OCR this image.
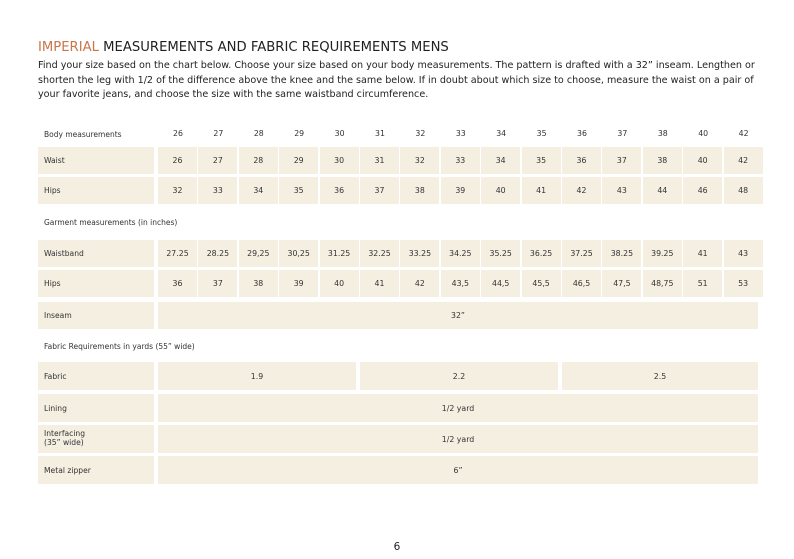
IMPERIAL MEASUREMENTS AND FABRIC REQUIREMENTS MENS

Find your size based on the chart below. Choose your size based on your body measurements. The pattern is drafted with a 32” inseam. Lengthen or shorten the leg with 1/2 of the difference above the knee and the same below. If in doubt about which size to choose, measure the waist on a pair of your favorite jeans, and choose the size with the same waistband circumference.

Body measurements	26	27	28	29	30	31	32	33	34	35	36	37	38	40	42
Waist	26	27	28	29	30	31	32	33	34	35	36	37	38	40	42
Hips	32	33	34	35	36	37	38	39	40	41	42	43	44	46	48
Garment measurements (in inches)
Waistband	27.25	28.25	29,25	30,25	31.25	32.25	33.25	34.25	35.25	36.25	37.25	38.25	39.25	41	43
Hips	36	37	38	39	40	41	42	43,5	44,5	45,5	46,5	47,5	48,75	51	53
Inseam	32”
Fabric Requirements in yards (55” wide)
Fabric	1.9	2.2	2.5
Lining	1/2 yard
Interfacing
(35” wide)	1/2 yard
Metal zipper	6”
6
